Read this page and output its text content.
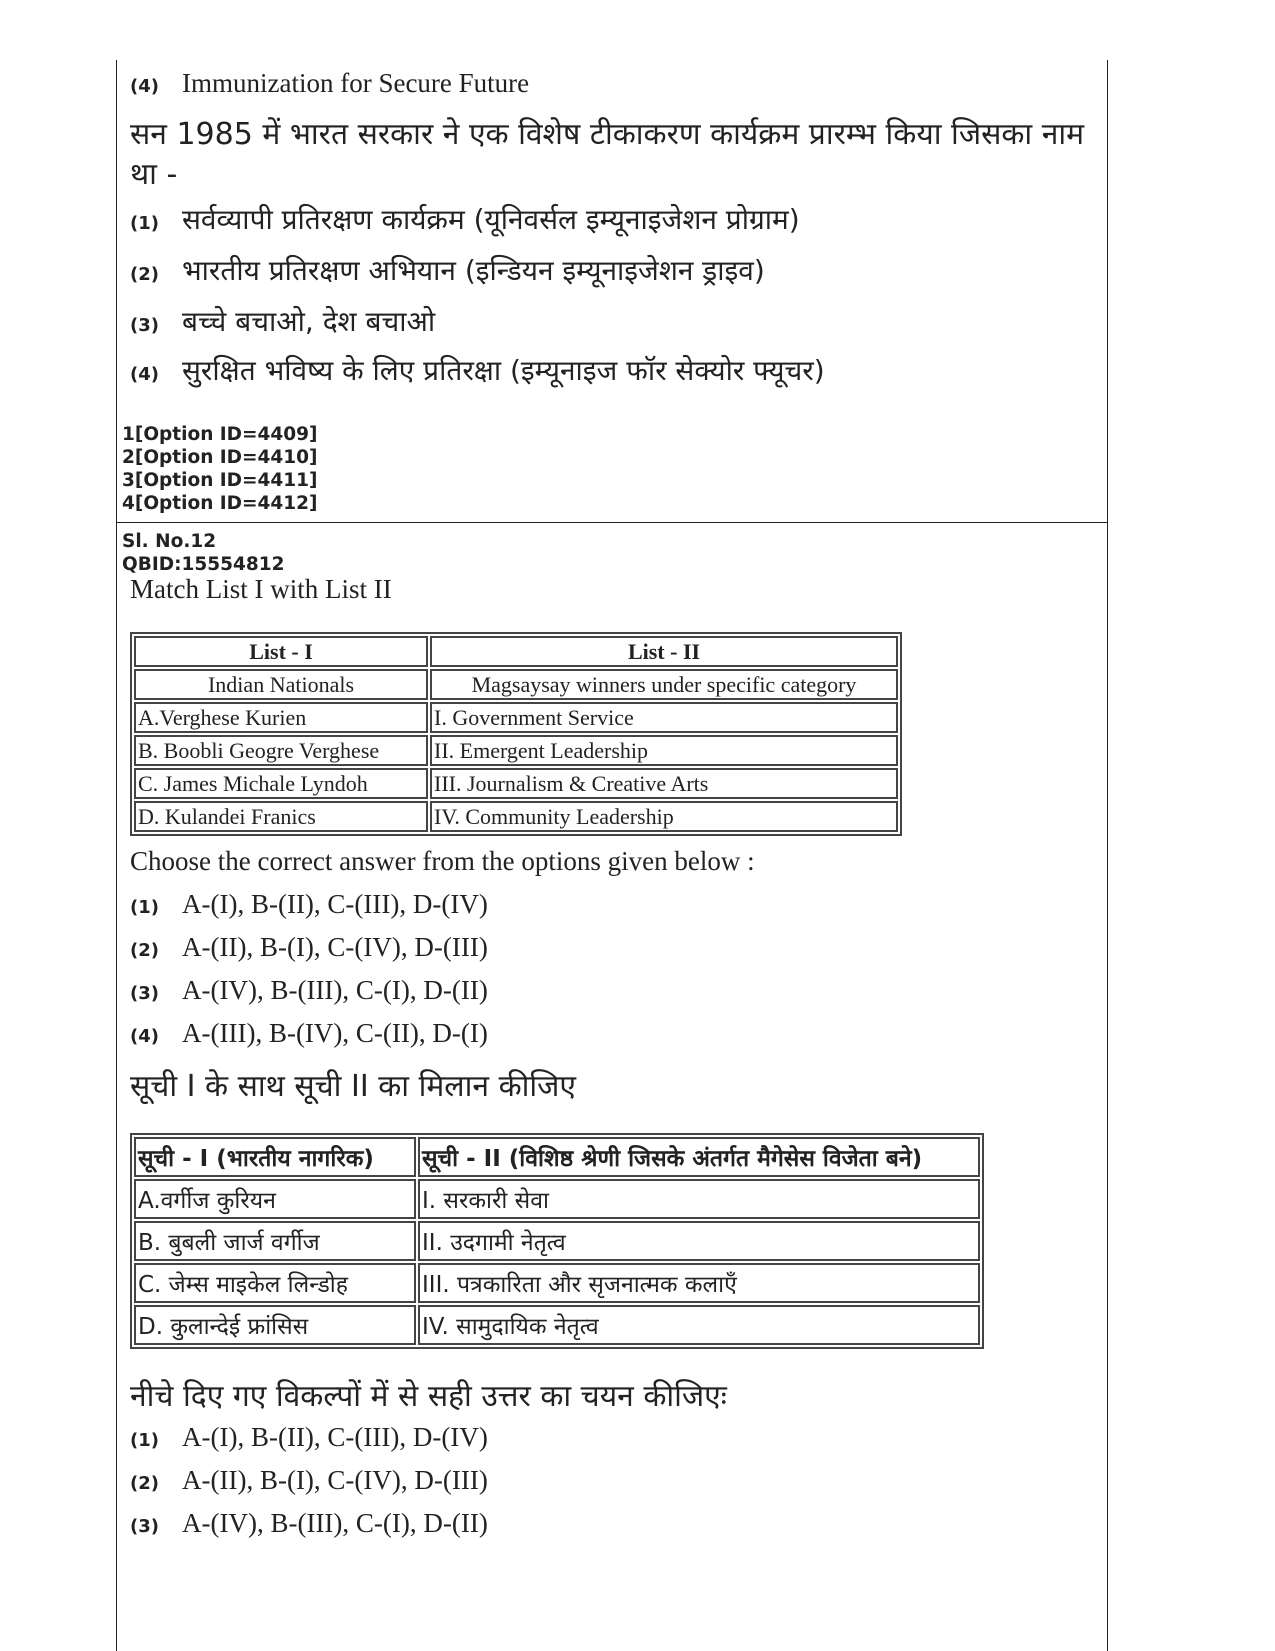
(4) Immunization for Secure Future
सन 1985 में भारत सरकार ने एक विशेष टीकाकरण कार्यक्रम प्रारम्भ किया जिसका नाम
था -
(1) सर्वव्यापी प्रतिरक्षण कार्यक्रम (यूनिवर्सल इम्यूनाइजेशन प्रोग्राम)
(2) भारतीय प्रतिरक्षण अभियान (इन्डियन इम्यूनाइजेशन ड्राइव)
(3) बच्चे बचाओ, देश बचाओ
(4) सुरक्षित भविष्य के लिए प्रतिरक्षा (इम्यूनाइज फॉर सेक्योर फ्यूचर)
1[Option ID=4409]
2[Option ID=4410]
3[Option ID=4411]
4[Option ID=4412]
Sl. No.12
QBID:15554812
Match List I with List II
List - I	List - II
Indian Nationals	Magsaysay winners under specific category
A.Verghese Kurien	I. Government Service
B. Boobli Geogre Verghese	II. Emergent Leadership
C. James Michale Lyndoh	III. Journalism & Creative Arts
D. Kulandei Franics	IV. Community Leadership
Choose the correct answer from the options given below :
(1) A-(I), B-(II), C-(III), D-(IV)
(2) A-(II), B-(I), C-(IV), D-(III)
(3) A-(IV), B-(III), C-(I), D-(II)
(4) A-(III), B-(IV), C-(II), D-(I)
सूची I के साथ सूची II का मिलान कीजिए
सूची - I (भारतीय नागरिक)	सूची - II (विशिष्ठ श्रेणी जिसके अंतर्गत मैगेसेस विजेता बने)
A.वर्गीज कुरियन	I. सरकारी सेवा
B. बुबली जार्ज वर्गीज	II. उदगामी नेतृत्व
C. जेम्स माइकेल लिन्डोह	III. पत्रकारिता और सृजनात्मक कलाएँ
D. कुलान्देई फ्रांसिस	IV. सामुदायिक नेतृत्व
नीचे दिए गए विकल्पों में से सही उत्तर का चयन कीजिएः
(1) A-(I), B-(II), C-(III), D-(IV)
(2) A-(II), B-(I), C-(IV), D-(III)
(3) A-(IV), B-(III), C-(I), D-(II)
